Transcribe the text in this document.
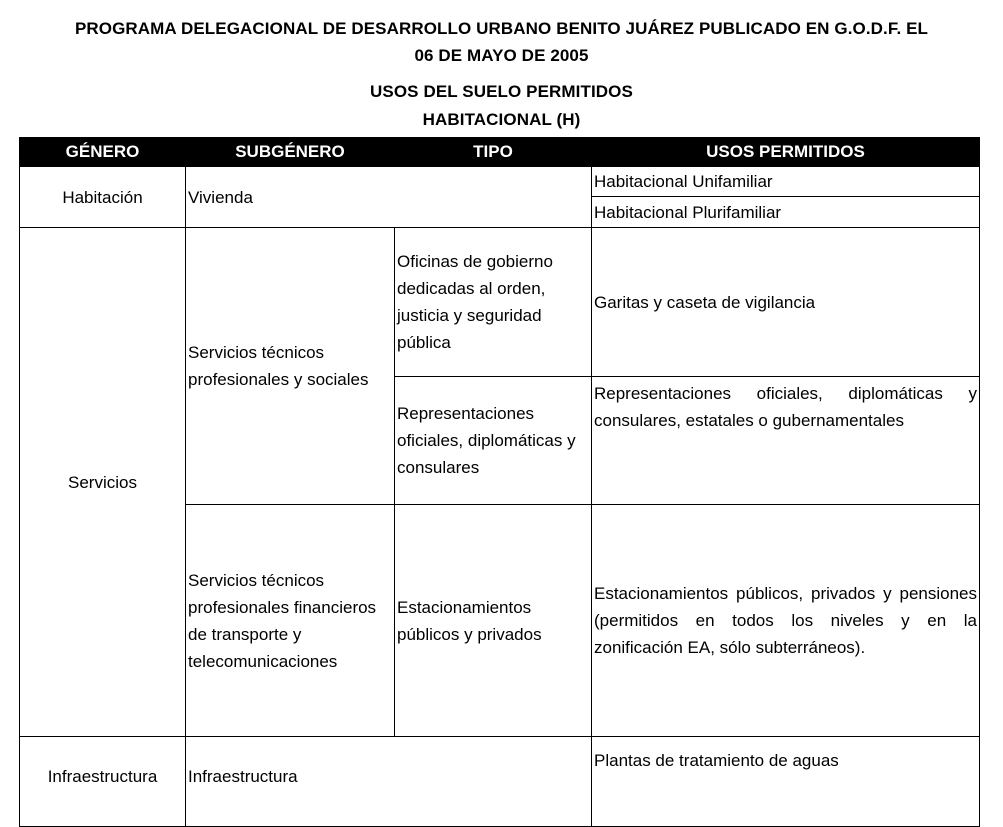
PROGRAMA DELEGACIONAL DE DESARROLLO URBANO BENITO JUÁREZ PUBLICADO EN G.O.D.F. EL
06 DE MAYO DE 2005
USOS DEL SUELO PERMITIDOS
HABITACIONAL (H)
GÉNERO	SUBGÉNERO	TIPO	USOS PERMITIDOS
Habitación	Vivienda		Habitacional Unifamiliar
			Habitacional Plurifamiliar
Servicios	Servicios técnicos profesionales y sociales	Oficinas de gobierno dedicadas al orden, justicia y seguridad pública	Garitas y caseta de vigilancia
		Representaciones oficiales, diplomáticas y consulares	Representaciones oficiales, diplomáticas y consulares, estatales o gubernamentales
	Servicios técnicos profesionales financieros de transporte y telecomunicaciones	Estacionamientos públicos y privados	Estacionamientos públicos, privados y pensiones (permitidos en todos los niveles y en la zonificación EA, sólo subterráneos).
Infraestructura	Infraestructura		Plantas de tratamiento de aguas
